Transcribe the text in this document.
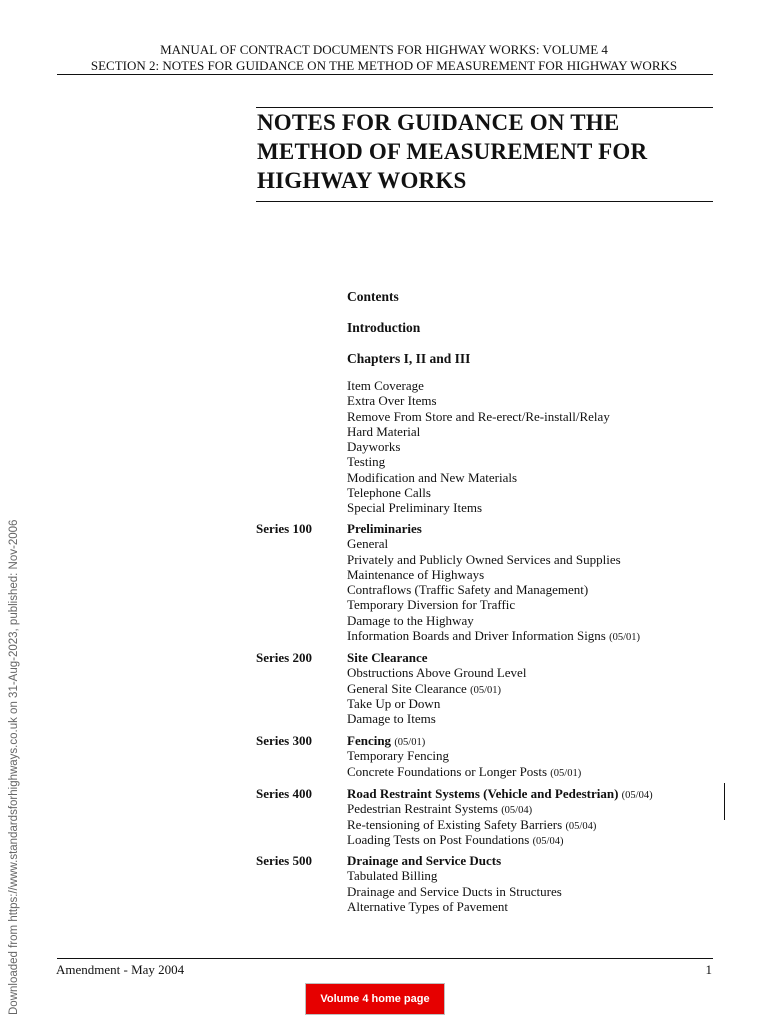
MANUAL OF CONTRACT DOCUMENTS FOR HIGHWAY WORKS: VOLUME 4
SECTION 2: NOTES FOR GUIDANCE ON THE METHOD OF MEASUREMENT FOR HIGHWAY WORKS
NOTES FOR GUIDANCE ON THE
METHOD OF MEASUREMENT FOR
HIGHWAY WORKS
Contents
Introduction
Chapters I, II and III
Item Coverage
Extra Over Items
Remove From Store and Re-erect/Re-install/Relay
Hard Material
Dayworks
Testing
Modification and New Materials
Telephone Calls
Special Preliminary Items
Series 100	Preliminaries
General
Privately and Publicly Owned Services and Supplies
Maintenance of Highways
Contraflows (Traffic Safety and Management)
Temporary Diversion for Traffic
Damage to the Highway
Information Boards and Driver Information Signs (05/01)
Series 200	Site Clearance
Obstructions Above Ground Level
General Site Clearance (05/01)
Take Up or Down
Damage to Items
Series 300	Fencing (05/01)
Temporary Fencing
Concrete Foundations or Longer Posts (05/01)
Series 400	Road Restraint Systems (Vehicle and Pedestrian) (05/04)
Pedestrian Restraint Systems (05/04)
Re-tensioning of Existing Safety Barriers (05/04)
Loading Tests on Post Foundations (05/04)
Series 500	Drainage and Service Ducts
Tabulated Billing
Drainage and Service Ducts in Structures
Alternative Types of Pavement
Amendment - May 2004	1
Volume 4 home page
Downloaded from https://www.standardsforhighways.co.uk on 31-Aug-2023, published: Nov-2006
